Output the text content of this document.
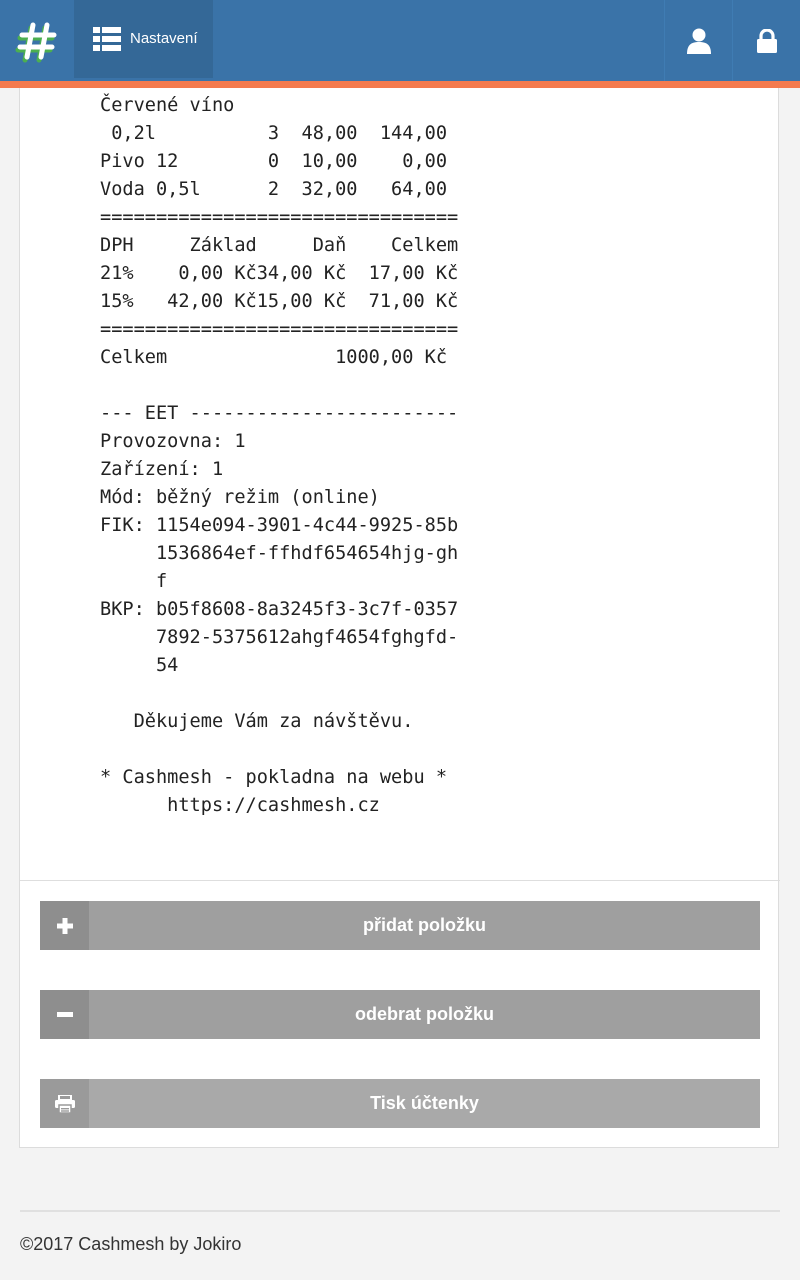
Nastavení
Červené víno
0,2l          3  48,00  144,00
Pivo 12        0  10,00    0,00
Voda 0,5l      2  32,00   64,00
================================
DPH     Základ     Daň    Celkem
21%    0,00 Kč34,00 Kč  17,00 Kč
15%   42,00 Kč15,00 Kč  71,00 Kč
================================
Celkem               1000,00 Kč

--- EET ------------------------
Provozovna: 1
Zařízení: 1
Mód: běžný režim (online)
FIK: 1154e094-3901-4c44-9925-85b
1536864ef-ffhdf654654hjg-gh
f
BKP: b05f8608-8a3245f3-3c7f-0357
7892-5375612ahgf4654fghgfd-
54

Děkujeme Vám za návštěvu.

* Cashmesh - pokladna na webu *
https://cashmesh.cz
přidat položku
odebrat položku
Tisk účtenky
©2017 Cashmesh by Jokiro
